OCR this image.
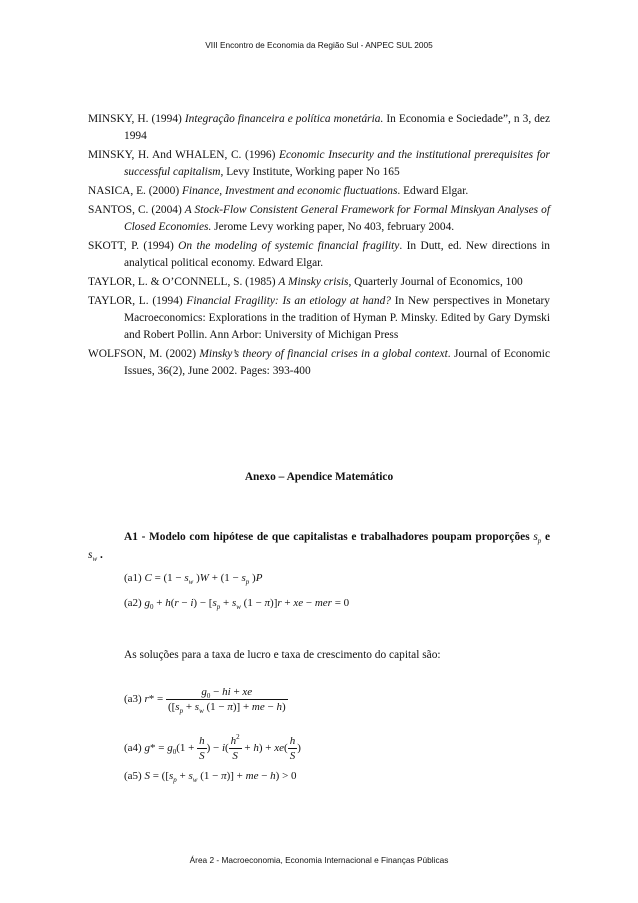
VIII Encontro de Economia da Região Sul - ANPEC SUL 2005
MINSKY, H. (1994) Integração financeira e política monetária. In Economia e Sociedade”, n 3, dez 1994
MINSKY, H. And WHALEN, C. (1996) Economic Insecurity and the institutional prerequisites for successful capitalism, Levy Institute, Working paper No 165
NASICA, E. (2000) Finance, Investment and economic fluctuations. Edward Elgar.
SANTOS, C. (2004) A Stock-Flow Consistent General Framework for Formal Minskyan Analyses of Closed Economies. Jerome Levy working paper, No 403, february 2004.
SKOTT, P. (1994) On the modeling of systemic financial fragility. In Dutt, ed. New directions in analytical political economy. Edward Elgar.
TAYLOR, L. & O’CONNELL, S. (1985) A Minsky crisis, Quarterly Journal of Economics, 100
TAYLOR, L. (1994) Financial Fragility: Is an etiology at hand? In New perspectives in Monetary Macroeconomics: Explorations in the tradition of Hyman P. Minsky. Edited by Gary Dymski and Robert Pollin. Ann Arbor: University of Michigan Press
WOLFSON, M. (2002) Minsky’s theory of financial crises in a global context. Journal of Economic Issues, 36(2), June 2002. Pages: 393-400
Anexo – Apendice Matemático
A1 - Modelo com hipótese de que capitalistas e trabalhadores poupam proporções $s_p$ e $s_w$ .
(a1) $C = (1 - s_w$ )$W + (1 - s_p$ )P
(a2) $g_0 + h(r - i) - [s_p + s_w$ (1 − π)]r + xe − mer = 0
As soluções para a taxa de lucro e taxa de crescimento do capital são:
(a3) $r* = \frac{g_0 - hi + xe}{([s_p + s_w (1 - \pi)] + me - h)}$
(a4) $g* = g_0(1 + \frac{h}{S}$ ) − $i( \frac{h^2}{S} + h) + xe( \frac{h}{S}$ )
(a5) $S = ([s_p + s_w$ (1 − π)] + me − h) > 0
Área 2 - Macroeconomia, Economia Internacional e Finanças Públicas
